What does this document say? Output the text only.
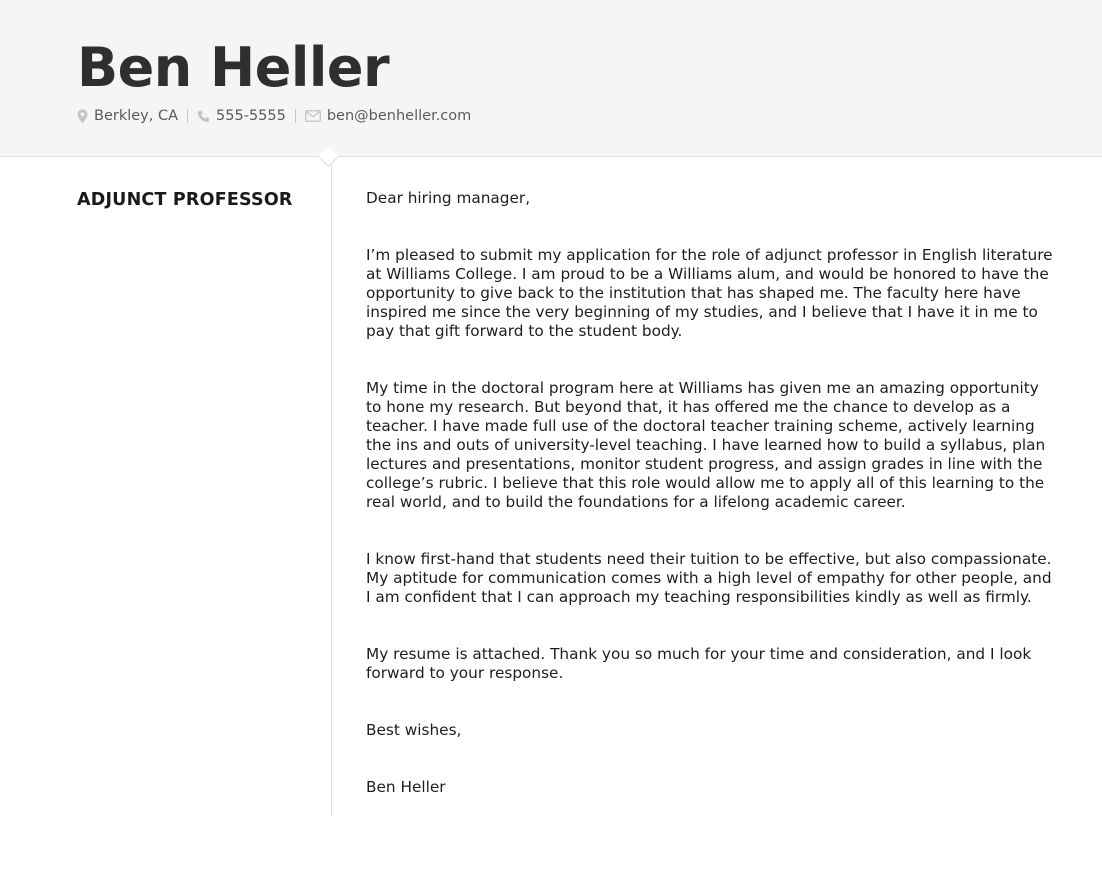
Ben Heller
Berkley, CA	555-5555	ben@benheller.com
ADJUNCT PROFESSOR	Dear hiring manager,

I’m pleased to submit my application for the role of adjunct professor in English literature at Williams College. I am proud to be a Williams alum, and would be honored to have the opportunity to give back to the institution that has shaped me. The faculty here have inspired me since the very beginning of my studies, and I believe that I have it in me to pay that gift forward to the student body.

My time in the doctoral program here at Williams has given me an amazing opportunity to hone my research. But beyond that, it has offered me the chance to develop as a teacher. I have made full use of the doctoral teacher training scheme, actively learning the ins and outs of university-level teaching. I have learned how to build a syllabus, plan lectures and presentations, monitor student progress, and assign grades in line with the college’s rubric. I believe that this role would allow me to apply all of this learning to the real world, and to build the foundations for a lifelong academic career.

I know first-hand that students need their tuition to be effective, but also compassionate. My aptitude for communication comes with a high level of empathy for other people, and I am confident that I can approach my teaching responsibilities kindly as well as firmly.

My resume is attached. Thank you so much for your time and consideration, and I look forward to your response.

Best wishes,

Ben Heller
